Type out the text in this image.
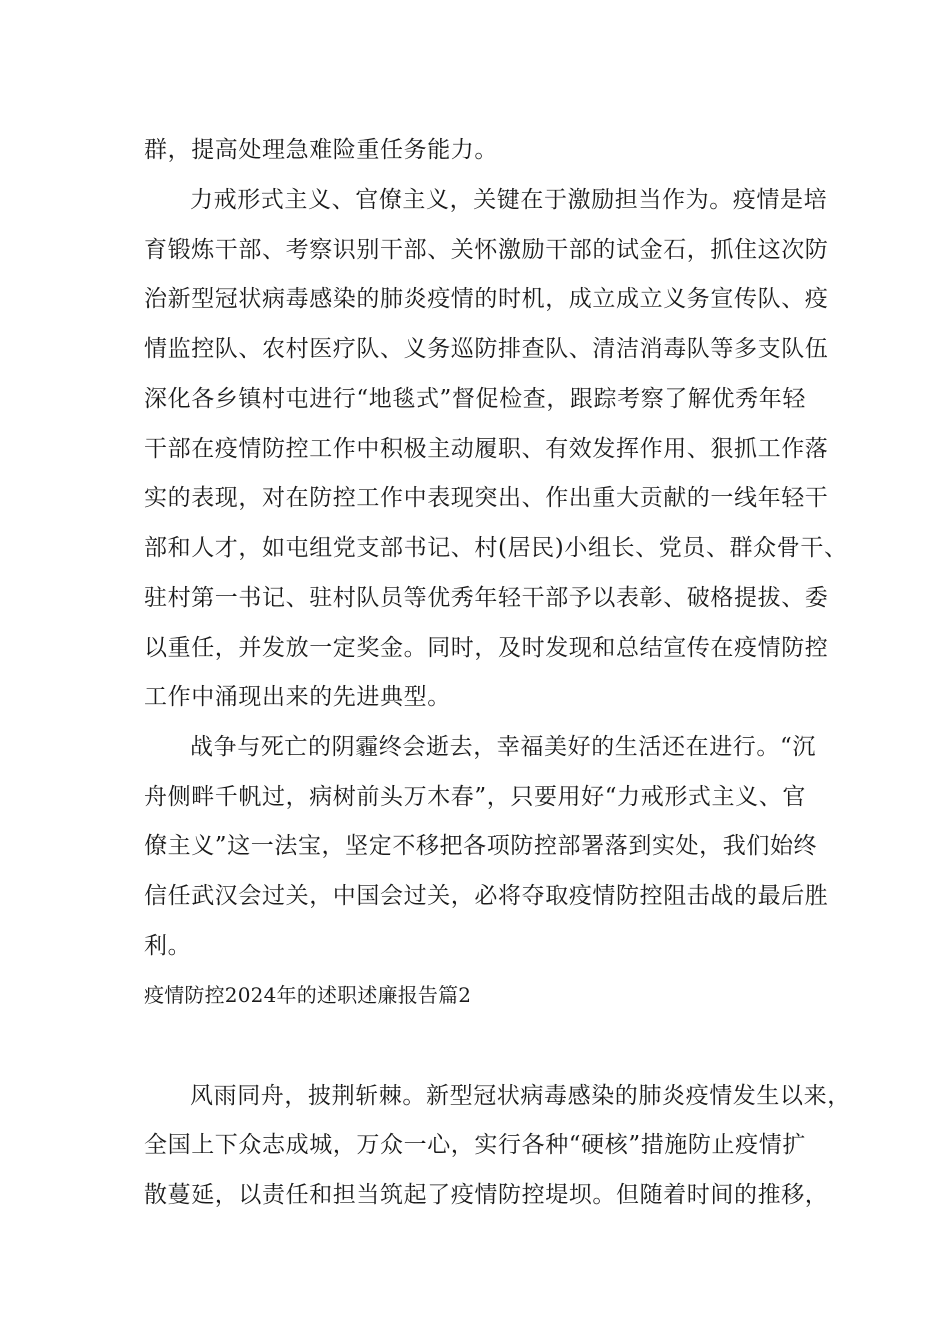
群，提高处理急难险重任务能力。
力戒形式主义、官僚主义，关键在于激励担当作为。疫情是培
育锻炼干部、考察识别干部、关怀激励干部的试金石，抓住这次防
治新型冠状病毒感染的肺炎疫情的时机，成立成立义务宣传队、疫
情监控队、农村医疗队、义务巡防排查队、清洁消毒队等多支队伍
深化各乡镇村屯进行“地毯式”督促检查，跟踪考察了解优秀年轻
干部在疫情防控工作中积极主动履职、有效发挥作用、狠抓工作落
实的表现，对在防控工作中表现突出、作出重大贡献的一线年轻干
部和人才，如屯组党支部书记、村(居民)小组长、党员、群众骨干、
驻村第一书记、驻村队员等优秀年轻干部予以表彰、破格提拔、委
以重任，并发放一定奖金。同时，及时发现和总结宣传在疫情防控
工作中涌现出来的先进典型。
战争与死亡的阴霾终会逝去，幸福美好的生活还在进行。“沉
舟侧畔千帆过，病树前头万木春”，只要用好“力戒形式主义、官
僚主义”这一法宝，坚定不移把各项防控部署落到实处，我们始终
信任武汉会过关，中国会过关，必将夺取疫情防控阻击战的最后胜
利。
疫情防控2024年的述职述廉报告篇2
风雨同舟，披荆斩棘。新型冠状病毒感染的肺炎疫情发生以来，
全国上下众志成城，万众一心，实行各种“硬核”措施防止疫情扩
散蔓延，以责任和担当筑起了疫情防控堤坝。但随着时间的推移，
